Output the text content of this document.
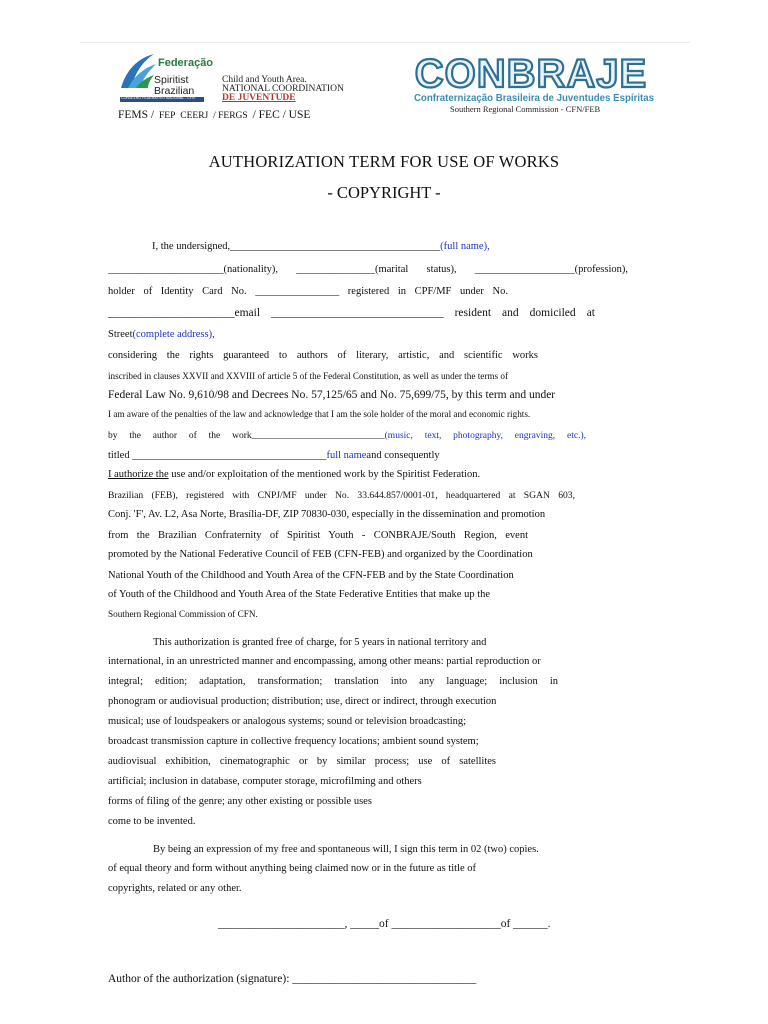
Federação
Spiritist
Brazilian
CONSELHO FEDERATIVO NACIONAL - CFN
Child and Youth Area.
NATIONAL COORDINATION
DE JUVENTUDE
FEMS / FEP CEERJ / FERGS / FEC / USE
CONBRAJE
Confraternização Brasileira de Juventudes Espíritas
Southern Regional Commission - CFN/FEB
AUTHORIZATION TERM FOR USE OF WORKS
- COPYRIGHT -
I, the undersigned,________________________________________(full name),
______________________(nationality), _______________(marital status), ___________________(profession),
holder of Identity Card No. ________________ registered in CPF/MF under No.
______________________email ______________________________ resident and domiciled at
Street(complete address),
considering the rights guaranteed to authors of literary, artistic, and scientific works
inscribed in clauses XXVII and XXVIII of article 5 of the Federal Constitution, as well as under the terms of
Federal Law No. 9,610/98 and Decrees No. 57,125/65 and No. 75,699/75, by this term and under
I am aware of the penalties of the law and acknowledge that I am the sole holder of the moral and economic rights.
by the author of the work____________________________(music, text, photography, engraving, etc.),
titled _____________________________________full nameand consequently
I authorize the use and/or exploitation of the mentioned work by the Spiritist Federation.
Brazilian (FEB), registered with CNPJ/MF under No. 33.644.857/0001-01, headquartered at SGAN 603,
Conj. 'F', Av. L2, Asa Norte, Brasília-DF, ZIP 70830-030, especially in the dissemination and promotion
from the Brazilian Confraternity of Spiritist Youth - CONBRAJE/South Region, event
promoted by the National Federative Council of FEB (CFN-FEB) and organized by the Coordination
National Youth of the Childhood and Youth Area of the CFN-FEB and by the State Coordination
of Youth of the Childhood and Youth Area of the State Federative Entities that make up the
Southern Regional Commission of CFN.
This authorization is granted free of charge, for 5 years in national territory and
international, in an unrestricted manner and encompassing, among other means: partial reproduction or
integral; edition; adaptation, transformation; translation into any language; inclusion in
phonogram or audiovisual production; distribution; use, direct or indirect, through execution
musical; use of loudspeakers or analogous systems; sound or television broadcasting;
broadcast transmission capture in collective frequency locations; ambient sound system;
audiovisual exhibition, cinematographic or by similar process; use of satellites
artificial; inclusion in database, computer storage, microfilming and others
forms of filing of the genre; any other existing or possible uses
come to be invented.
By being an expression of my free and spontaneous will, I sign this term in 02 (two) copies.
of equal theory and form without anything being claimed now or in the future as title of
copyrights, related or any other.
______________________, _____of ___________________of ______.
Author of the authorization (signature): ________________________________
